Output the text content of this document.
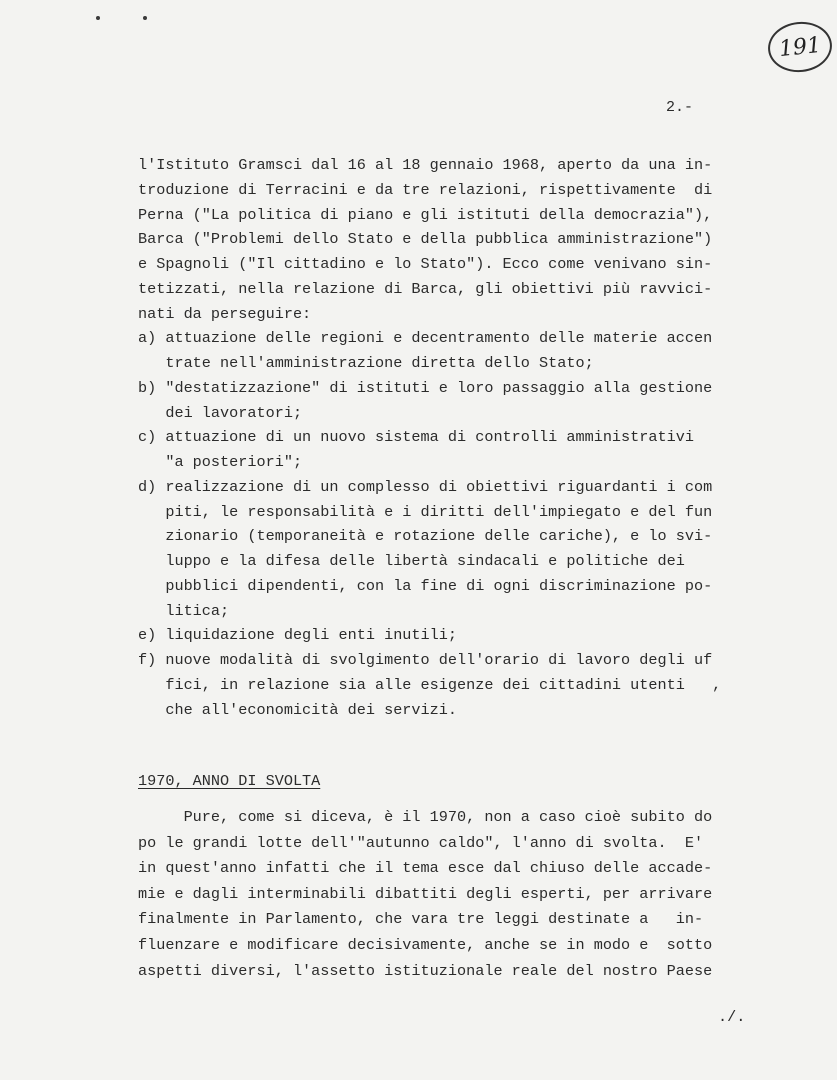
191
2.-
l'Istituto Gramsci dal 16 al 18 gennaio 1968, aperto da una in-
troduzione di Terracini e da tre relazioni, rispettivamente  di
Perna ("La politica di piano e gli istituti della democrazia"),
Barca ("Problemi dello Stato e della pubblica amministrazione")
e Spagnoli ("Il cittadino e lo Stato"). Ecco come venivano sin-
tetizzati, nella relazione di Barca, gli obiettivi più ravvici-
nati da perseguire:
a) attuazione delle regioni e decentramento delle materie accen
trate nell'amministrazione diretta dello Stato;
b) "destatizzazione" di istituti e loro passaggio alla gestione
dei lavoratori;
c) attuazione di un nuovo sistema di controlli amministrativi
"a posteriori";
d) realizzazione di un complesso di obiettivi riguardanti i com
piti, le responsabilità e i diritti dell'impiegato e del fun
zionario (temporaneità e rotazione delle cariche), e lo svi-
luppo e la difesa delle libertà sindacali e politiche dei
pubblici dipendenti, con la fine di ogni discriminazione po-
litica;
e) liquidazione degli enti inutili;
f) nuove modalità di svolgimento dell'orario di lavoro degli uf
fici, in relazione sia alle esigenze dei cittadini utenti   ,
che all'economicità dei servizi.
1970, ANNO DI SVOLTA
Pure, come si diceva, è il 1970, non a caso cioè subito do
po le grandi lotte dell'"autunno caldo", l'anno di svolta.  E'
in quest'anno infatti che il tema esce dal chiuso delle accade-
mie e dagli interminabili dibattiti degli esperti, per arrivare
finalmente in Parlamento, che vara tre leggi destinate a   in-
fluenzare e modificare decisivamente, anche se in modo e  sotto
aspetti diversi, l'assetto istituzionale reale del nostro Paese
./.
